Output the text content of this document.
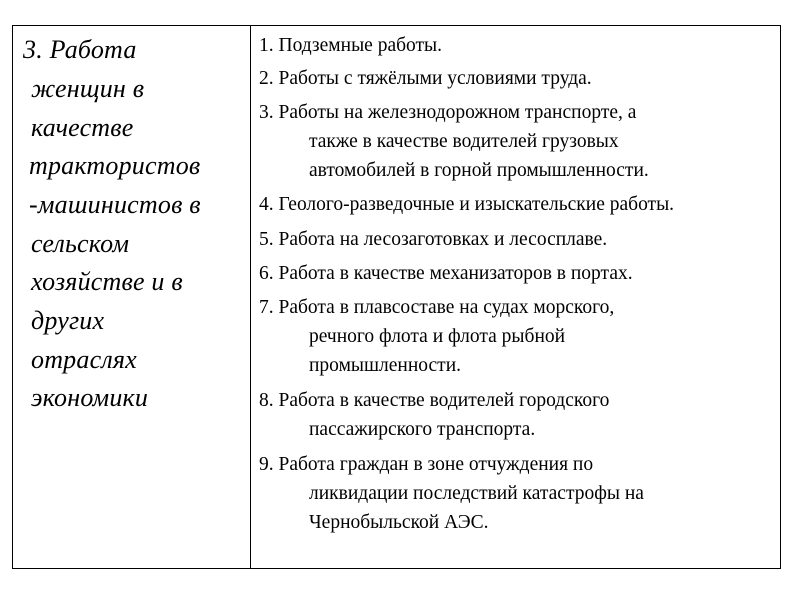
3. Работа
женщин в
качестве
трактористов
-машинистов в
сельском
хозяйстве и в
других
отраслях
экономики
1. Подземные работы.
2. Работы с тяжёлыми условиями труда.
3. Работы на железнодорожном транспорте, а
также в качестве водителей грузовых
автомобилей в горной промышленности.
4. Геолого-разведочные и изыскательские работы.
5. Работа на лесозаготовках и лесосплаве.
6. Работа в качестве механизаторов в портах.
7. Работа в плавсоставе на судах морского,
речного флота и флота рыбной
промышленности.
8. Работа в качестве водителей городского
пассажирского транспорта.
9. Работа граждан в зоне отчуждения по
ликвидации последствий катастрофы на
Чернобыльской АЭС.
